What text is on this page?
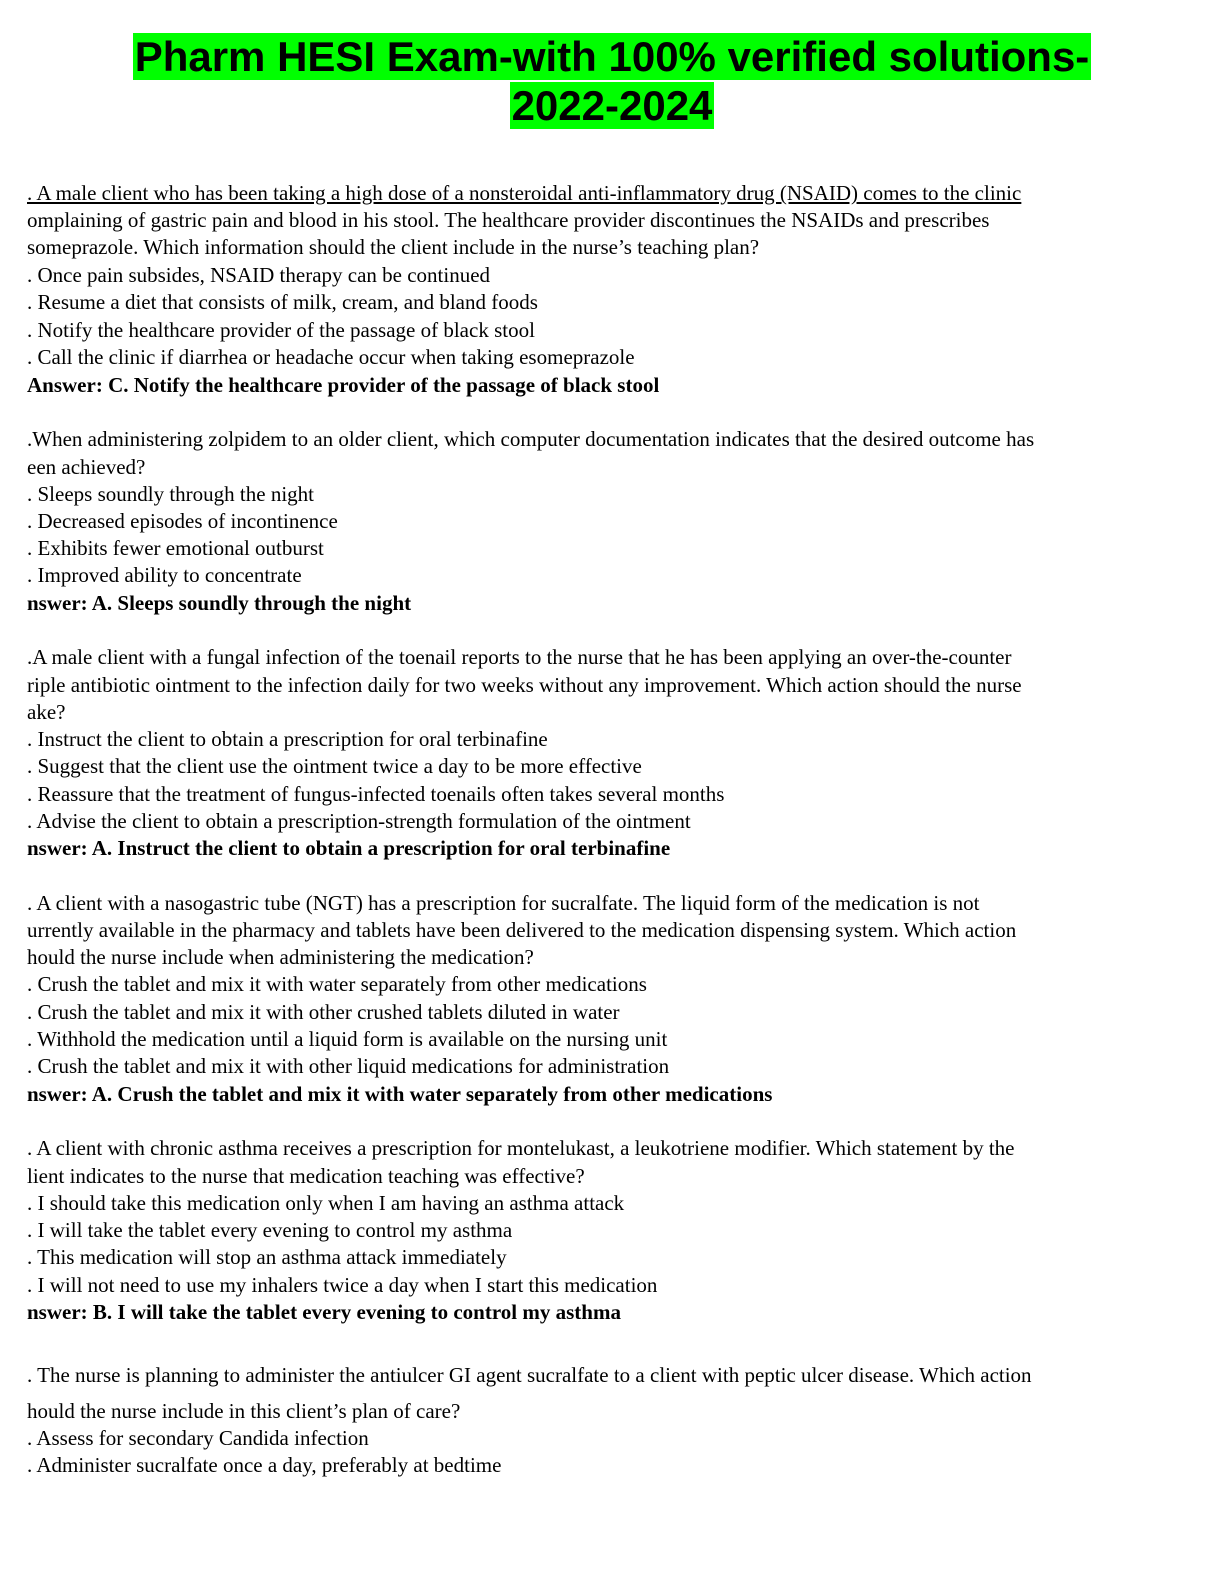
Pharm HESI Exam-with 100% verified solutions-
2022-2024
. A male client who has been taking a high dose of a nonsteroidal anti-inflammatory drug (NSAID) comes to the clinic
omplaining of gastric pain and blood in his stool. The healthcare provider discontinues the NSAIDs and prescribes
someprazole. Which information should the client include in the nurse’s teaching plan?
. Once pain subsides, NSAID therapy can be continued
. Resume a diet that consists of milk, cream, and bland foods
. Notify the healthcare provider of the passage of black stool
. Call the clinic if diarrhea or headache occur when taking esomeprazole
Answer: C. Notify the healthcare provider of the passage of black stool
.When administering zolpidem to an older client, which computer documentation indicates that the desired outcome has
een achieved?
. Sleeps soundly through the night
. Decreased episodes of incontinence
. Exhibits fewer emotional outburst
. Improved ability to concentrate
nswer: A. Sleeps soundly through the night
.A male client with a fungal infection of the toenail reports to the nurse that he has been applying an over-the-counter
riple antibiotic ointment to the infection daily for two weeks without any improvement. Which action should the nurse
ake?
. Instruct the client to obtain a prescription for oral terbinafine
. Suggest that the client use the ointment twice a day to be more effective
. Reassure that the treatment of fungus-infected toenails often takes several months
. Advise the client to obtain a prescription-strength formulation of the ointment
nswer: A. Instruct the client to obtain a prescription for oral terbinafine
. A client with a nasogastric tube (NGT) has a prescription for sucralfate. The liquid form of the medication is not
urrently available in the pharmacy and tablets have been delivered to the medication dispensing system. Which action
hould the nurse include when administering the medication?
. Crush the tablet and mix it with water separately from other medications
. Crush the tablet and mix it with other crushed tablets diluted in water
. Withhold the medication until a liquid form is available on the nursing unit
. Crush the tablet and mix it with other liquid medications for administration
nswer: A. Crush the tablet and mix it with water separately from other medications
. A client with chronic asthma receives a prescription for montelukast, a leukotriene modifier. Which statement by the
lient indicates to the nurse that medication teaching was effective?
. I should take this medication only when I am having an asthma attack
. I will take the tablet every evening to control my asthma
. This medication will stop an asthma attack immediately
. I will not need to use my inhalers twice a day when I start this medication
nswer: B. I will take the tablet every evening to control my asthma
. The nurse is planning to administer the antiulcer GI agent sucralfate to a client with peptic ulcer disease. Which action
hould the nurse include in this client’s plan of care?
. Assess for secondary Candida infection
. Administer sucralfate once a day, preferably at bedtime
